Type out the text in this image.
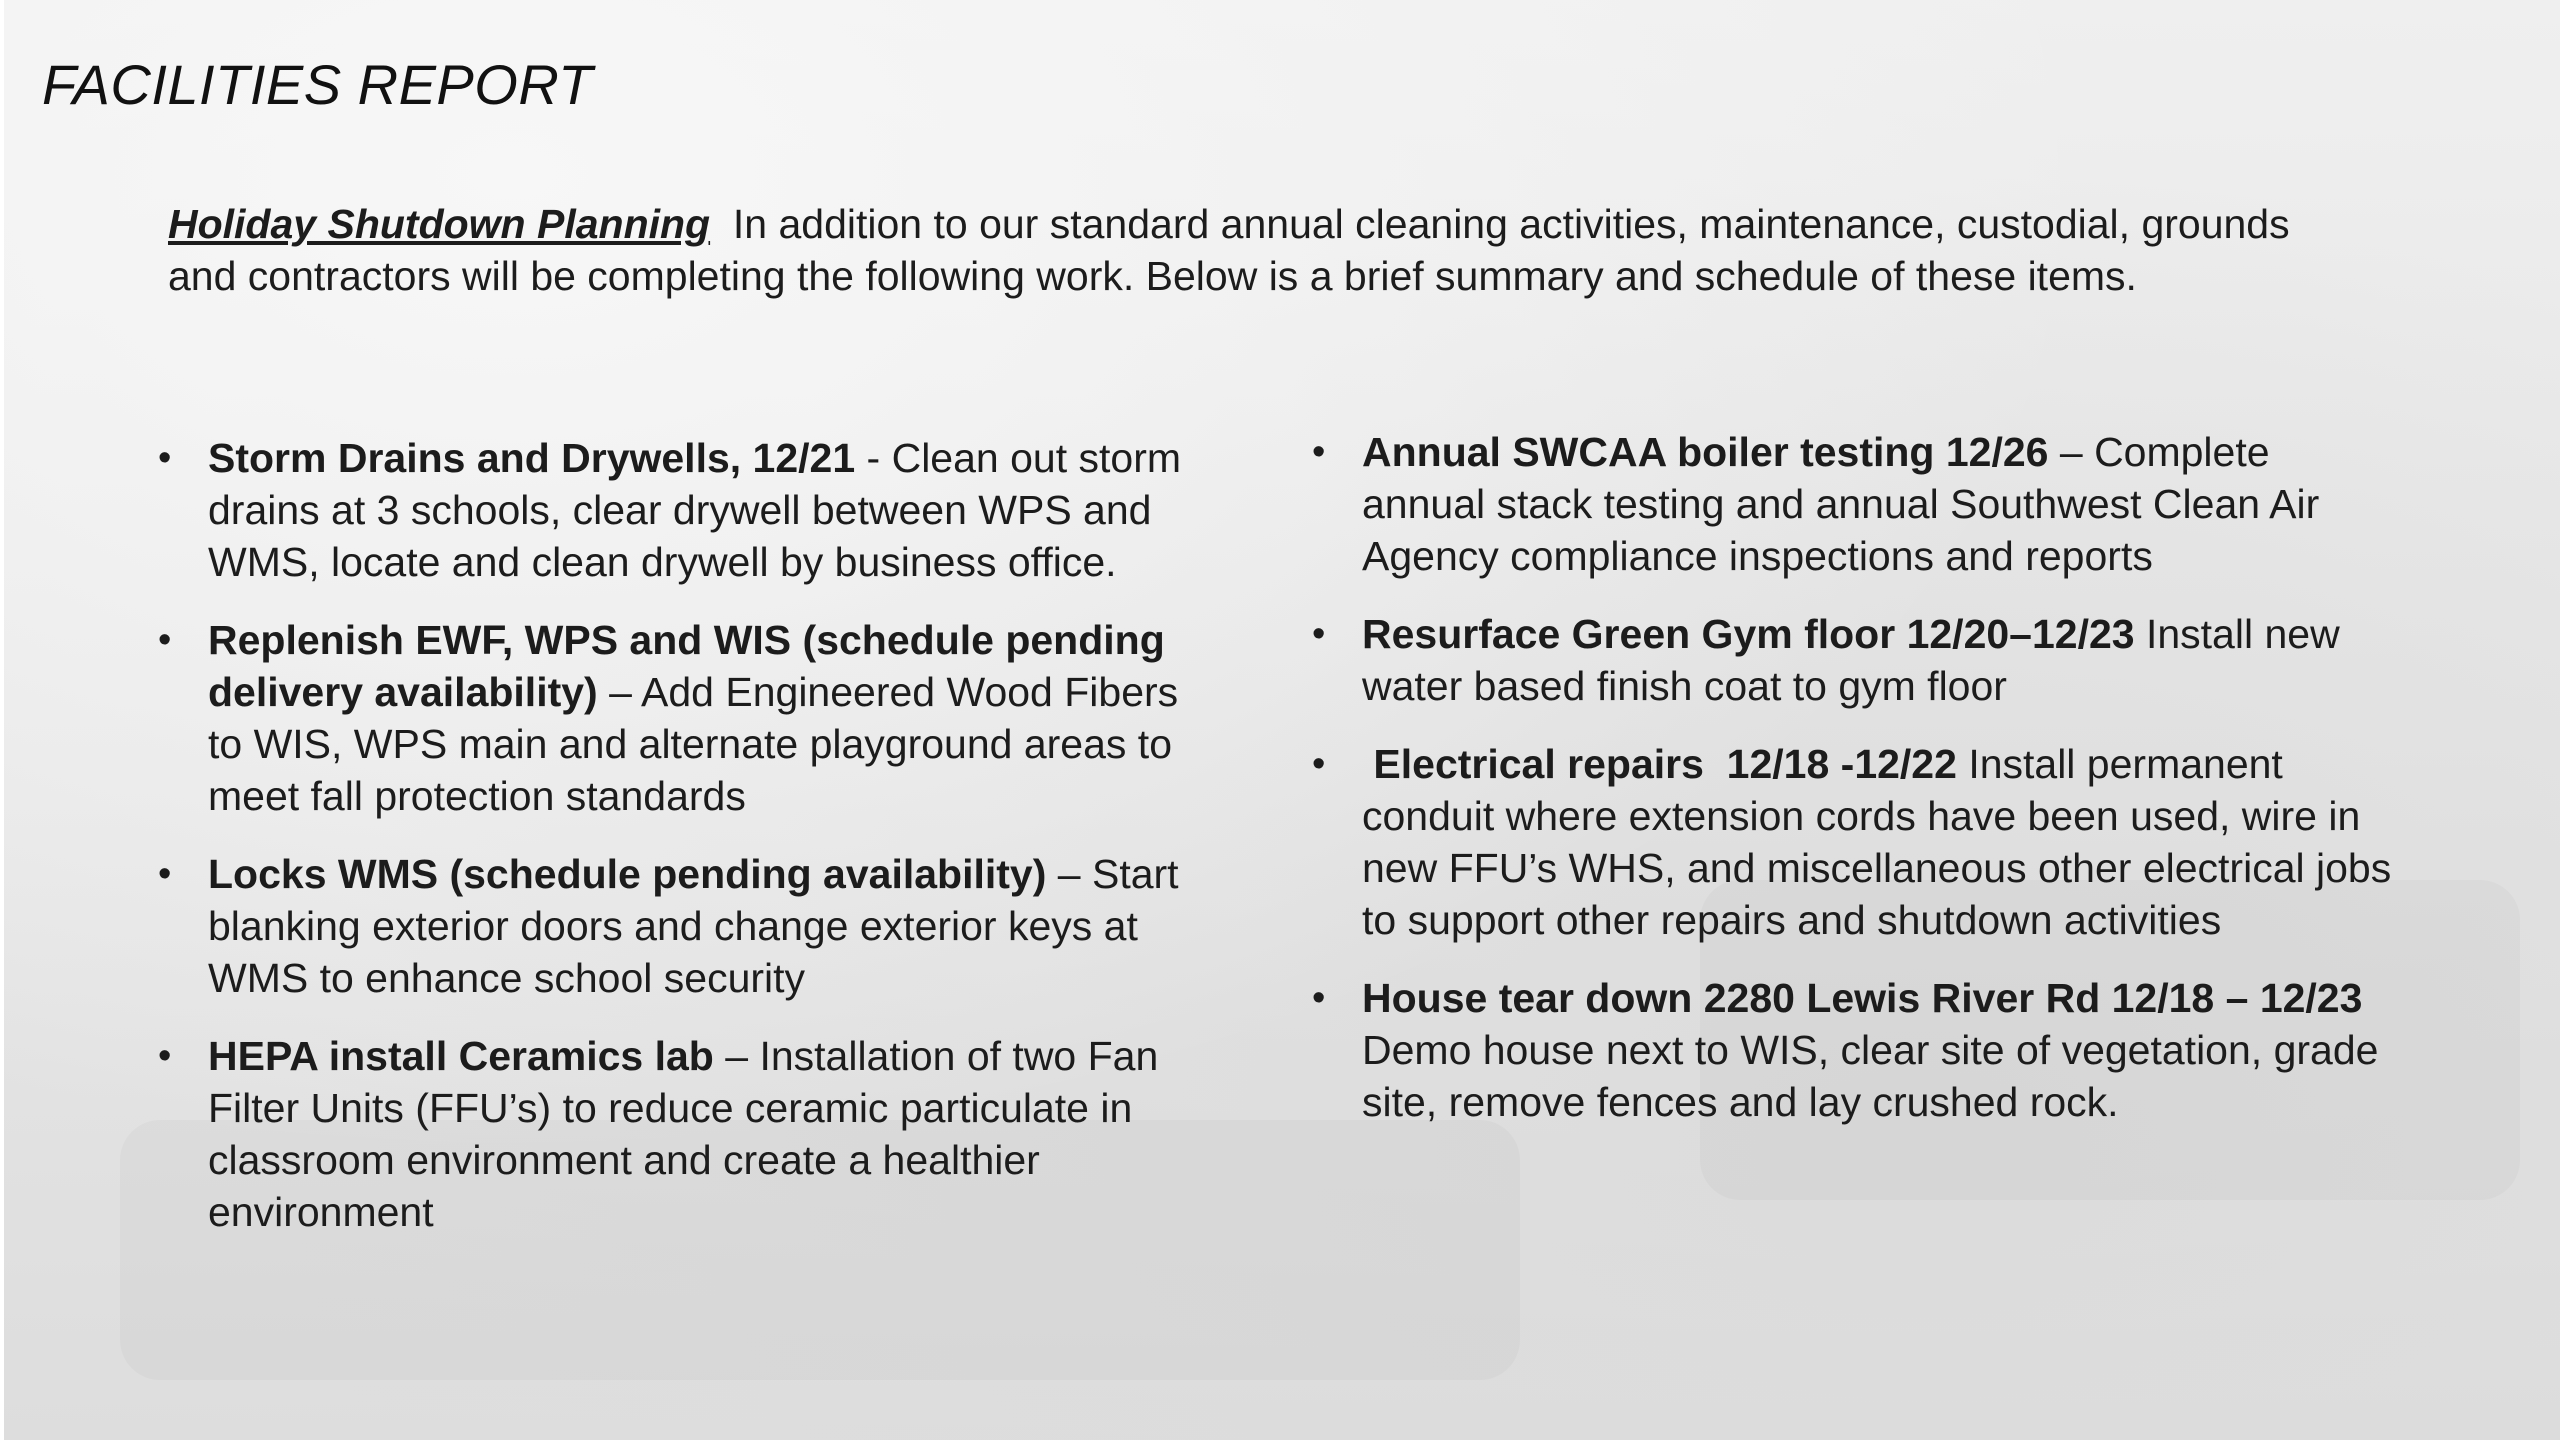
FACILITIES REPORT
Holiday Shutdown Planning In addition to our standard annual cleaning activities, maintenance, custodial, grounds and contractors will be completing the following work. Below is a brief summary and schedule of these items.
• Storm Drains and Drywells, 12/21 - Clean out storm drains at 3 schools, clear drywell between WPS and WMS, locate and clean drywell by business office.
• Replenish EWF, WPS and WIS (schedule pending delivery availability) – Add Engineered Wood Fibers to WIS, WPS main and alternate playground areas to meet fall protection standards
• Locks WMS (schedule pending availability) – Start blanking exterior doors and change exterior keys at WMS to enhance school security
• HEPA install Ceramics lab – Installation of two Fan Filter Units (FFU’s) to reduce ceramic particulate in classroom environment and create a healthier environment
• Annual SWCAA boiler testing 12/26 – Complete annual stack testing and annual Southwest Clean Air Agency compliance inspections and reports
• Resurface Green Gym floor 12/20–12/23 Install new water based finish coat to gym floor
• Electrical repairs  12/18 -12/22 Install permanent conduit where extension cords have been used, wire in new FFU’s WHS, and miscellaneous other electrical jobs to support other repairs and shutdown activities
• House tear down 2280 Lewis River Rd 12/18 – 12/23 Demo house next to WIS, clear site of vegetation, grade site, remove fences and lay crushed rock.
